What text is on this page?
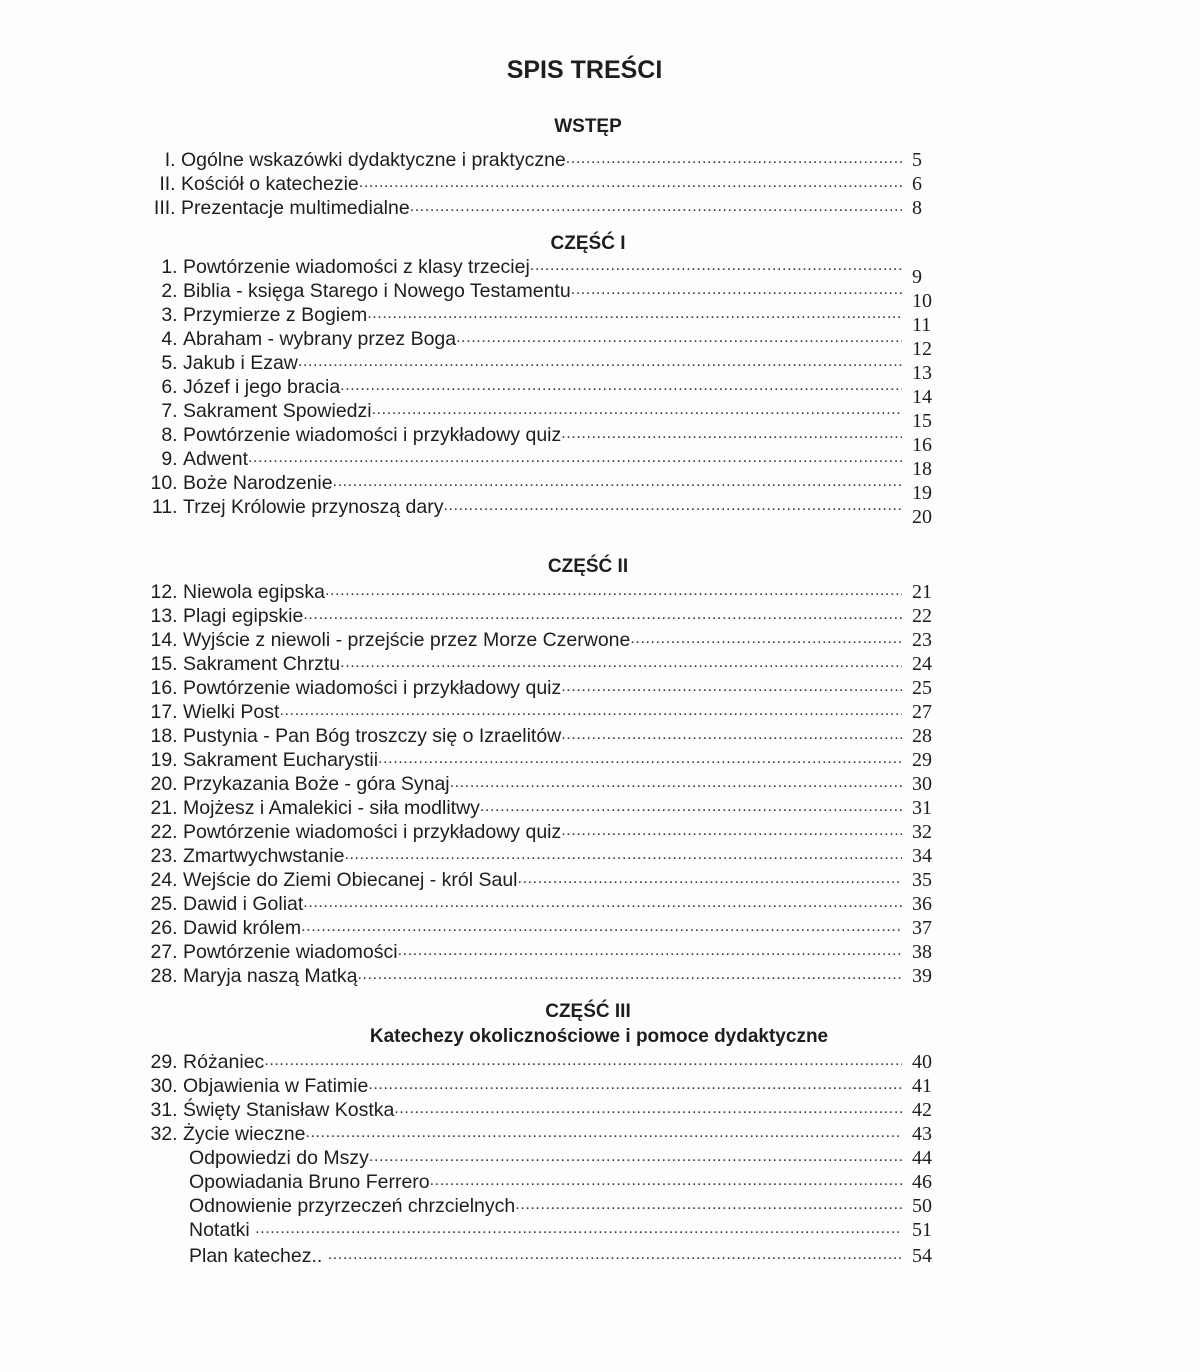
SPIS TREŚCI
WSTĘP
I. Ogólne wskazówki dydaktyczne i praktyczne .....	5
II. Kościół o katechezie .....	6
III. Prezentacje multimedialne .....	8
CZĘŚĆ I
1. Powtórzenie wiadomości z klasy trzeciej .....	9
2. Biblia - księga Starego i Nowego Testamentu .....	10
3. Przymierze z Bogiem .....	11
4. Abraham - wybrany przez Boga .....	12
5. Jakub i Ezaw .....	13
6. Józef i jego bracia .....	14
7. Sakrament Spowiedzi .....	15
8. Powtórzenie wiadomości i przykładowy quiz .....	16
9. Adwent .....	18
10. Boże Narodzenie .....	19
11. Trzej Królowie przynoszą dary .....	20
CZĘŚĆ II
12. Niewola egipska .....	21
13. Plagi egipskie .....	22
14. Wyjście z niewoli - przejście przez Morze Czerwone .....	23
15. Sakrament Chrztu .....	24
16. Powtórzenie wiadomości i przykładowy quiz .....	25
17. Wielki Post .....	27
18. Pustynia - Pan Bóg troszczy się o Izraelitów .....	28
19. Sakrament Eucharystii .....	29
20. Przykazania Boże - góra Synaj .....	30
21. Mojżesz i Amalekici - siła modlitwy .....	31
22. Powtórzenie wiadomości i przykładowy quiz .....	32
23. Zmartwychwstanie .....	34
24. Wejście do Ziemi Obiecanej - król Saul .....	35
25. Dawid i Goliat .....	36
26. Dawid królem .....	37
27. Powtórzenie wiadomości .....	38
28. Maryja naszą Matką .....	39
CZĘŚĆ III
Katechezy okolicznościowe i pomoce dydaktyczne
29. Różaniec .....	40
30. Objawienia w Fatimie .....	41
31. Święty Stanisław Kostka .....	42
32. Życie wieczne .....	43
Odpowiedzi do Mszy .....	44
Opowiadania Bruno Ferrero .....	46
Odnowienie przyrzeczeń chrzcielnych .....	50
Notatki .....	51
Plan katechez.. .....	54
